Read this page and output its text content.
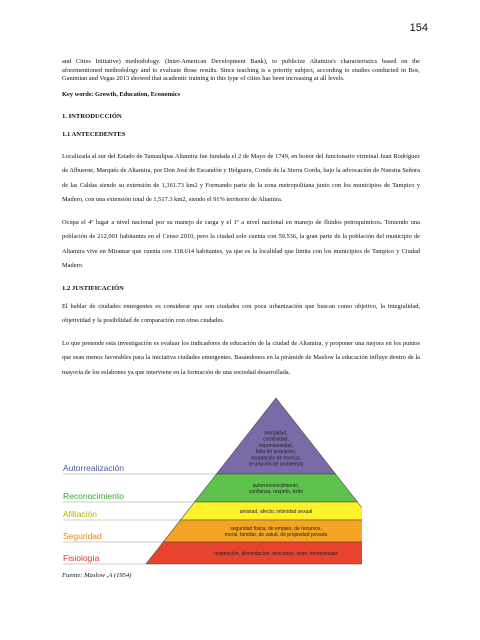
154

and Cities Initiative) methodology. (Inter-American Development Bank), to publicize Altamira's characteristics based on the aforementioned methodology and to evaluate those results. Since teaching is a priority subject, according to studies conducted in Bos, Ganimian and Vegas 2013 showed that academic training in this type of cities has been increasing at all levels.

Key words: Growth, Education, Economics

1. INTRODUCCIÓN
1.1 ANTECEDENTES

Localizada al sur del Estado de Tamaulipas Altamira fue fundada el 2 de Mayo de 1749, en honor del funcionario virreinal Juan Rodríguez de Albuerne, Marqués de Altamira, por Don José de Escandón y Helguera, Conde de la Sierra Gorda, bajo la advocación de Nuestra Señora de las Caldas siendo su extensión de 1,361.73 km2 y Formando parte de la zona metropolitana junto con los municipios de Tampico y Madero, con una extensión total de 1,517.3 km2, siendo el 91% territorio de Altamira.

Ocupa el 4º lugar a nivel nacional por su manejo de carga y el 1º a nivel nacional en manejo de fluidos petroquímicos. Teniendo una población de 212,001 habitantes en el Censo 2010, pero la ciudad solo cuenta con 59.536, la gran parte de la población del municipio de Altamira vive en Miramar que cuenta con 118.614 habitantes, ya que es la localidad que limita con los municipios de Tampico y Ciudad Madero.

1.2 JUSTIFICACIÓN

El hablar de ciudades emergentes es considerar que son ciudades con poca urbanización que buscan como objetivo, la integralidad, objetividad y la posibilidad de comparación con otras ciudades.

Lo que pretende esta investigación es evaluar los indicadores de educación de la ciudad de Altamira, y proponer una mejora en los puntos que sean menos favorables para la iniciativa ciudades emergentes. Basándonos en la pirámide de Maslow la educación influye dentro de la mayoría de los eslabones ya que interviene en la formación de una sociedad desarrollada.

moralidad,
creatividad,
espontaneidad,
falta de prejuicios,
aceptación de hechos,
resolución de problemas
Autorrealización
autorreconocimiento,
confianza, respeto, éxito
Reconocimiento
amistad, afecto, intimidad sexual
Afiliación
seguridad física, de empleo, de recursos,
moral, familiar, de salud, de propiedad privada
Seguridad
respiración, alimentación, descanso, sexo, homeostasis
Fisiología
Fuente: Maslow ,A (1954)
